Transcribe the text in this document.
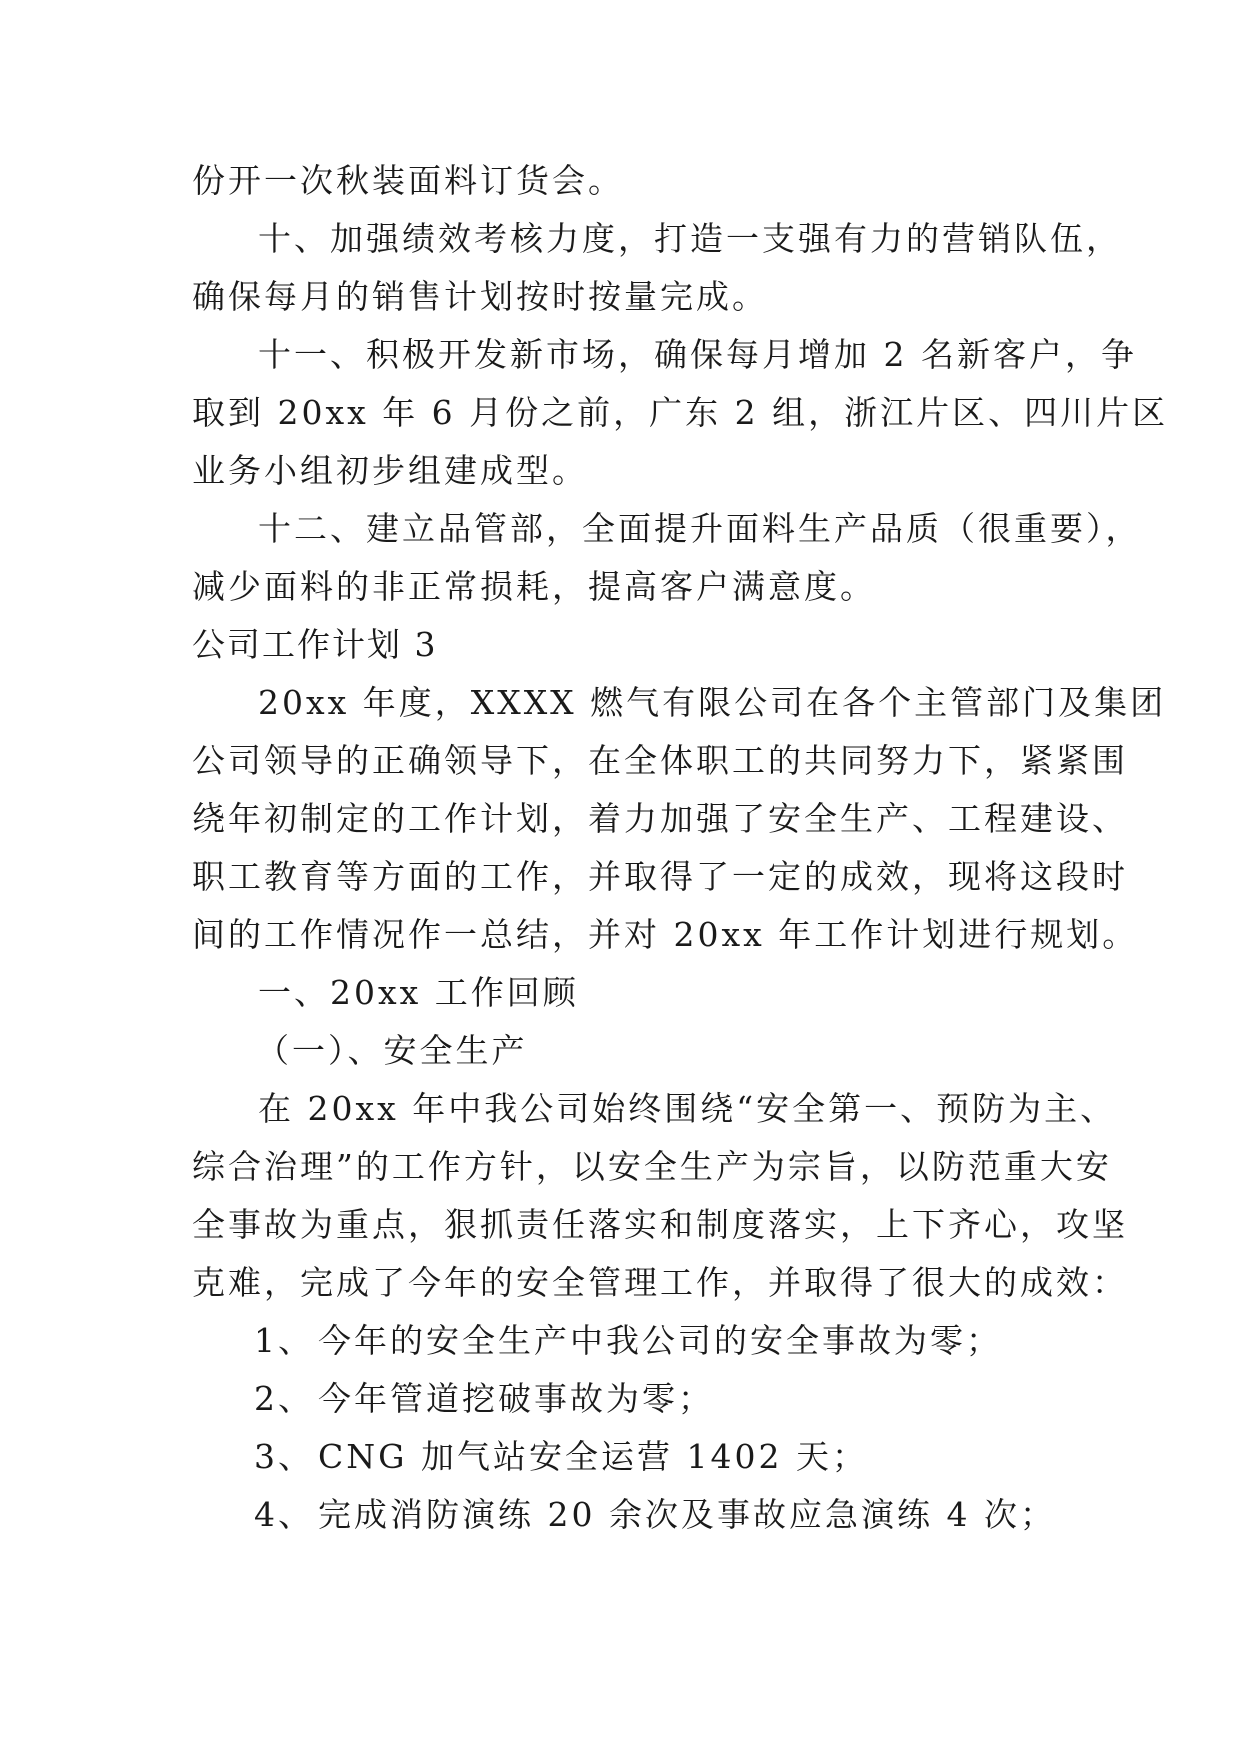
份开一次秋装面料订货会。

十、加强绩效考核力度，打造一支强有力的营销队伍，

确保每月的销售计划按时按量完成。

十一、积极开发新市场，确保每月增加 2 名新客户，争

取到 20xx 年 6 月份之前，广东 2 组，浙江片区、四川片区

业务小组初步组建成型。

十二、建立品管部，全面提升面料生产品质（很重要），

减少面料的非正常损耗，提高客户满意度。

公司工作计划 3

20xx 年度，XXXX 燃气有限公司在各个主管部门及集团

公司领导的正确领导下，在全体职工的共同努力下，紧紧围

绕年初制定的工作计划，着力加强了安全生产、工程建设、

职工教育等方面的工作，并取得了一定的成效，现将这段时

间的工作情况作一总结，并对 20xx 年工作计划进行规划。

一、20xx 工作回顾

（一）、安全生产

在 20xx 年中我公司始终围绕“安全第一、预防为主、

综合治理”的工作方针，以安全生产为宗旨，以防范重大安

全事故为重点，狠抓责任落实和制度落实，上下齐心，攻坚

克难，完成了今年的安全管理工作，并取得了很大的成效：

1、 今年的安全生产中我公司的安全事故为零；
2、 今年管道挖破事故为零；
3、 CNG 加气站安全运营 1402 天；
4、 完成消防演练 20 余次及事故应急演练 4 次；
